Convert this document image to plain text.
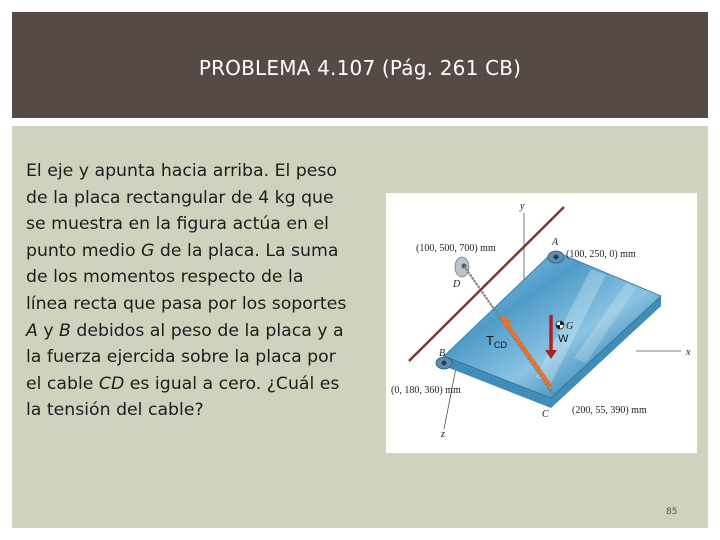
PROBLEMA 4.107 (Pág. 261 CB)
El eje y apunta hacia arriba. El peso
de la placa rectangular de 4 kg que
se muestra en la figura actúa en el
punto medio G de la placa. La suma
de los momentos respecto de la
línea recta que pasa por los soportes
A y B debidos al peso de la placa y a
la fuerza ejercida sobre la placa por
el cable CD es igual a cero. ¿Cuál es
la tensión del cable?
y
x
z
$T_{CD}$	W
G
A
B
C
D
(100, 500, 700) mm
(100, 250, 0) mm
(0, 180, 360) mm
(200, 55, 390) mm
85
